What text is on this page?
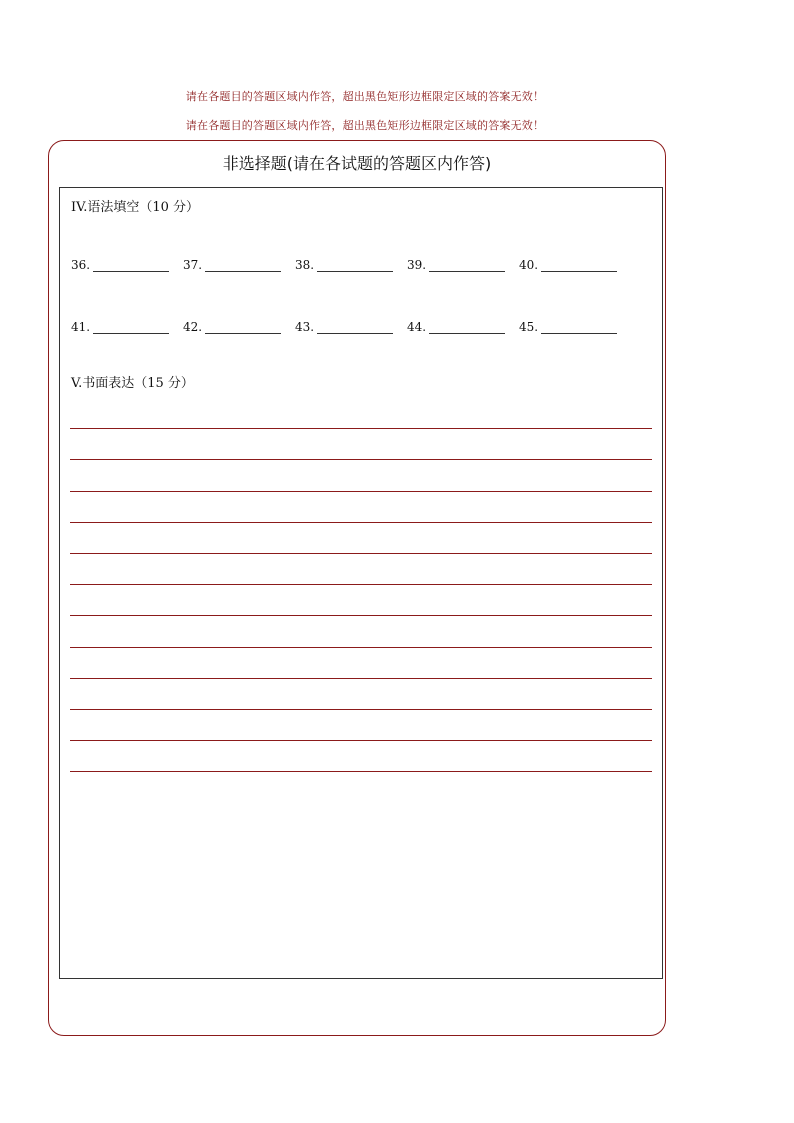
请在各题目的答题区域内作答，超出黑色矩形边框限定区域的答案无效！
请在各题目的答题区域内作答，超出黑色矩形边框限定区域的答案无效！
非选择题(请在各试题的答题区内作答)
IV.语法填空（10 分）
36.	37.	38.	39.	40.
41.	42.	43.	44.	45.
V.书面表达（15 分）
